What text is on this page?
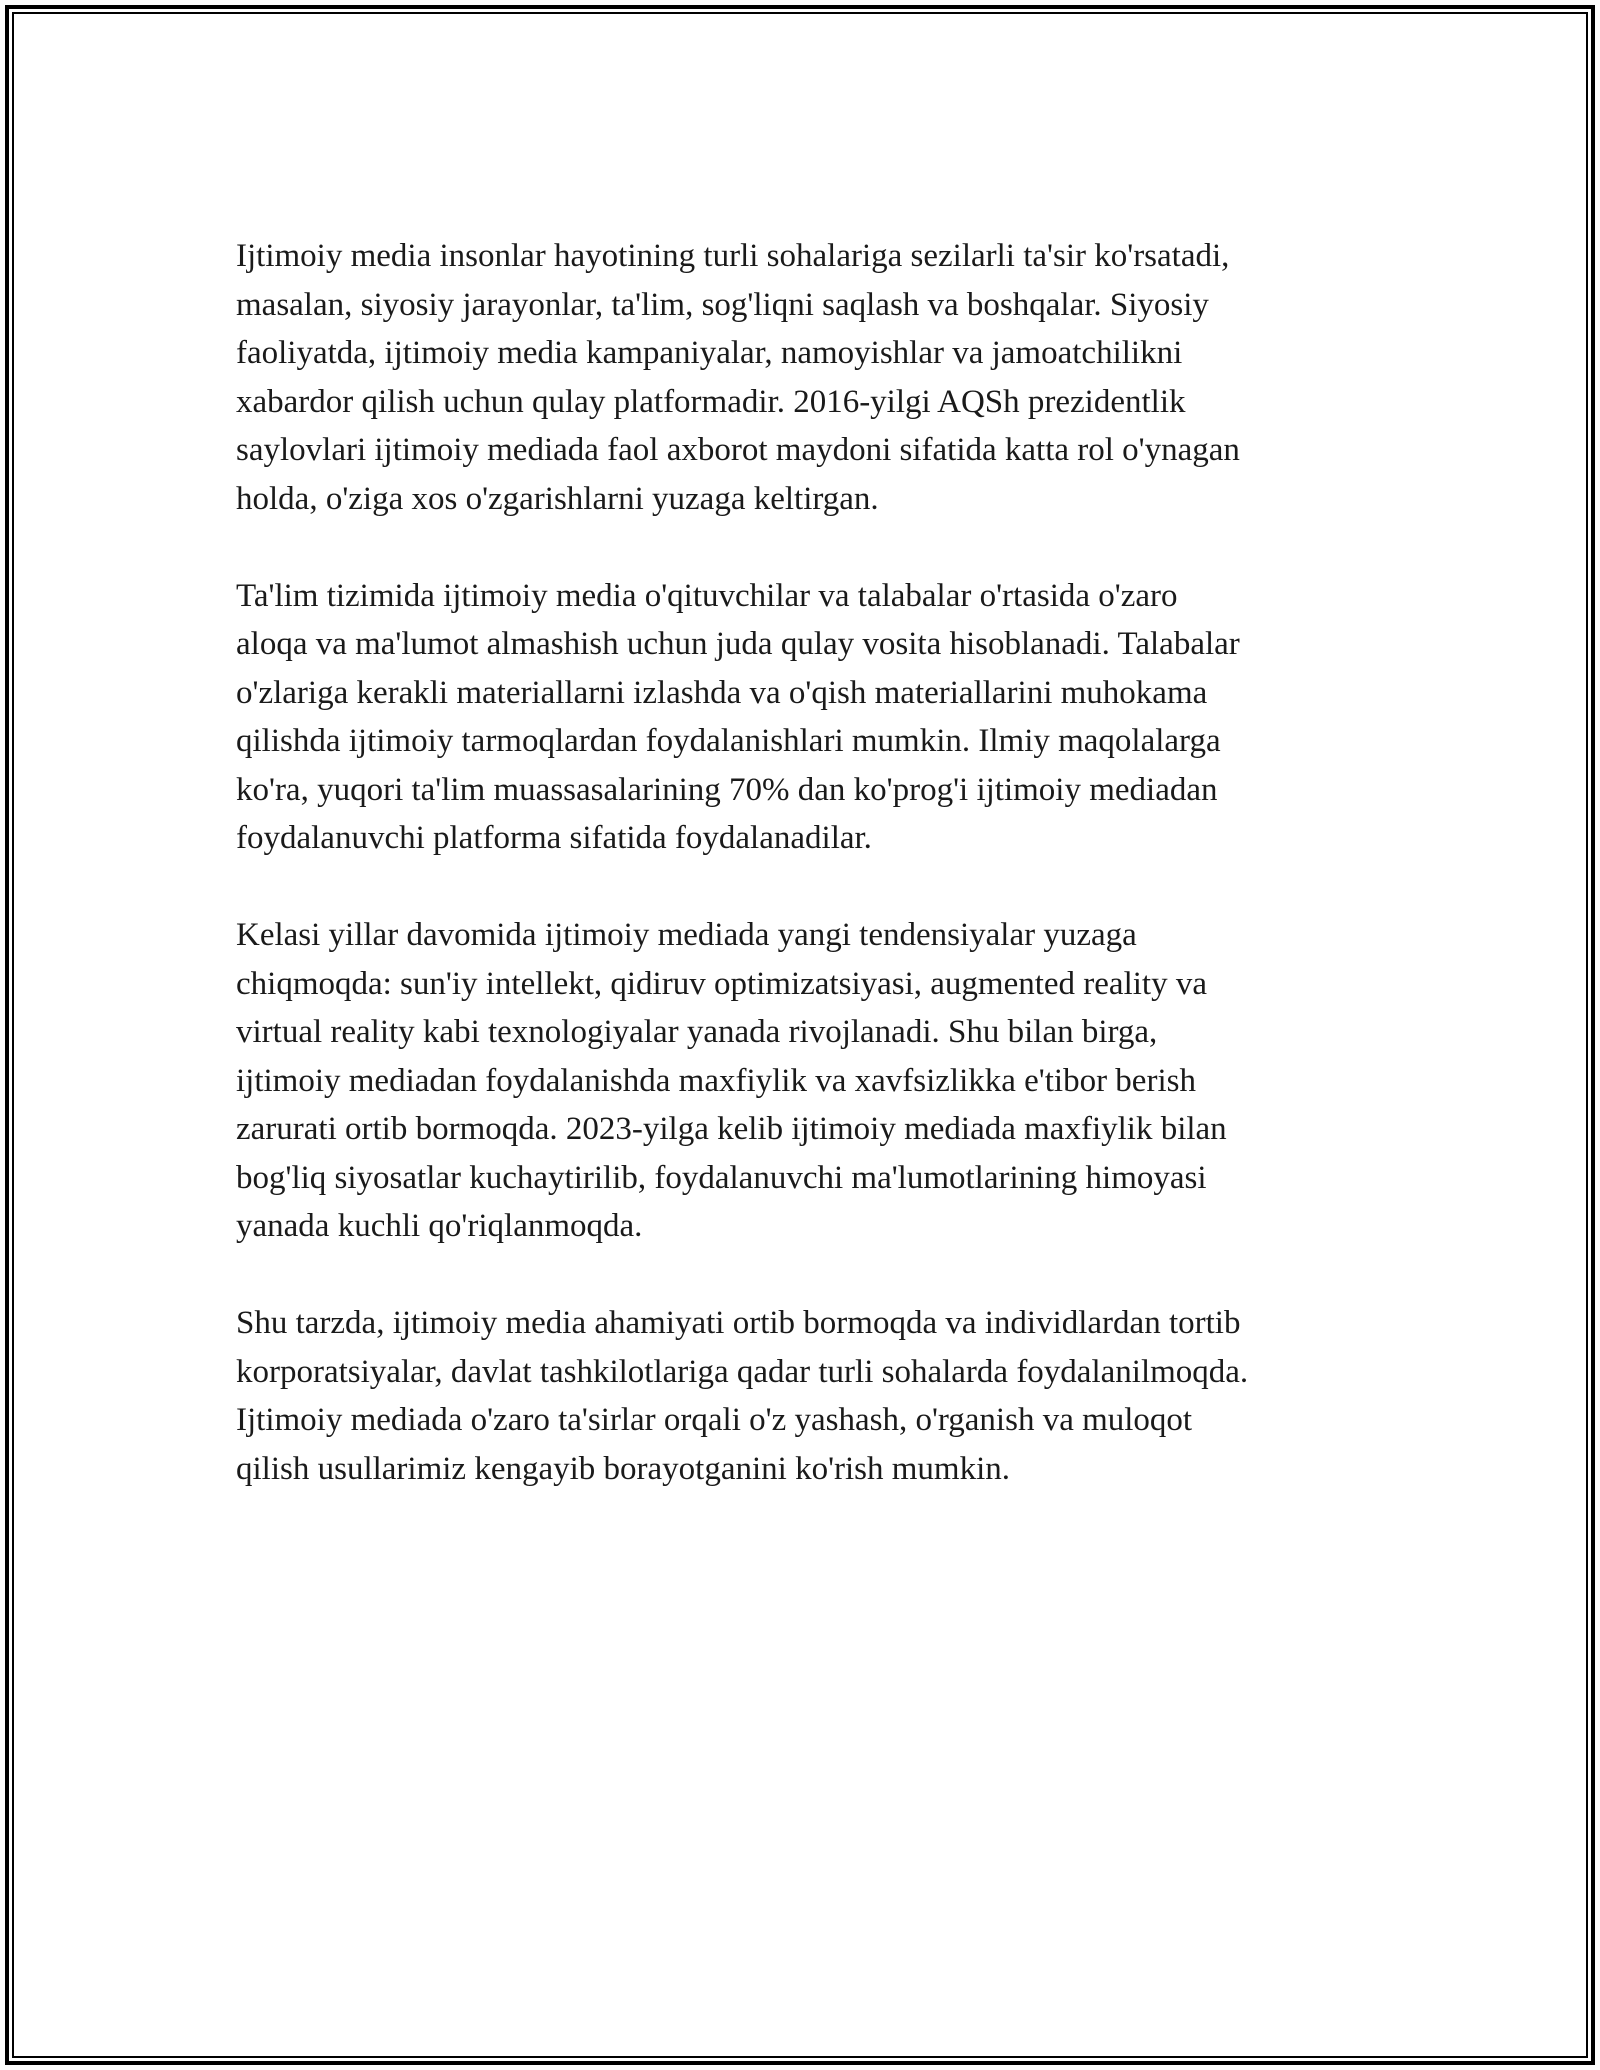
Ijtimoiy media insonlar hayotining turli sohalariga sezilarli ta'sir ko'rsatadi,
masalan, siyosiy jarayonlar, ta'lim, sog'liqni saqlash va boshqalar. Siyosiy
faoliyatda, ijtimoiy media kampaniyalar, namoyishlar va jamoatchilikni
xabardor qilish uchun qulay platformadir. 2016-yilgi AQSh prezidentlik
saylovlari ijtimoiy mediada faol axborot maydoni sifatida katta rol o'ynagan
holda, o'ziga xos o'zgarishlarni yuzaga keltirgan.

Ta'lim tizimida ijtimoiy media o'qituvchilar va talabalar o'rtasida o'zaro
aloqa va ma'lumot almashish uchun juda qulay vosita hisoblanadi. Talabalar
o'zlariga kerakli materiallarni izlashda va o'qish materiallarini muhokama
qilishda ijtimoiy tarmoqlardan foydalanishlari mumkin. Ilmiy maqolalarga
ko'ra, yuqori ta'lim muassasalarining 70% dan ko'prog'i ijtimoiy mediadan
foydalanuvchi platforma sifatida foydalanadilar.

Kelasi yillar davomida ijtimoiy mediada yangi tendensiyalar yuzaga
chiqmoqda: sun'iy intellekt, qidiruv optimizatsiyasi, augmented reality va
virtual reality kabi texnologiyalar yanada rivojlanadi. Shu bilan birga,
ijtimoiy mediadan foydalanishda maxfiylik va xavfsizlikka e'tibor berish
zarurati ortib bormoqda. 2023-yilga kelib ijtimoiy mediada maxfiylik bilan
bog'liq siyosatlar kuchaytirilib, foydalanuvchi ma'lumotlarining himoyasi
yanada kuchli qo'riqlanmoqda.

Shu tarzda, ijtimoiy media ahamiyati ortib bormoqda va individlardan tortib
korporatsiyalar, davlat tashkilotlariga qadar turli sohalarda foydalanilmoqda.
Ijtimoiy mediada o'zaro ta'sirlar orqali o'z yashash, o'rganish va muloqot
qilish usullarimiz kengayib borayotganini ko'rish mumkin.
